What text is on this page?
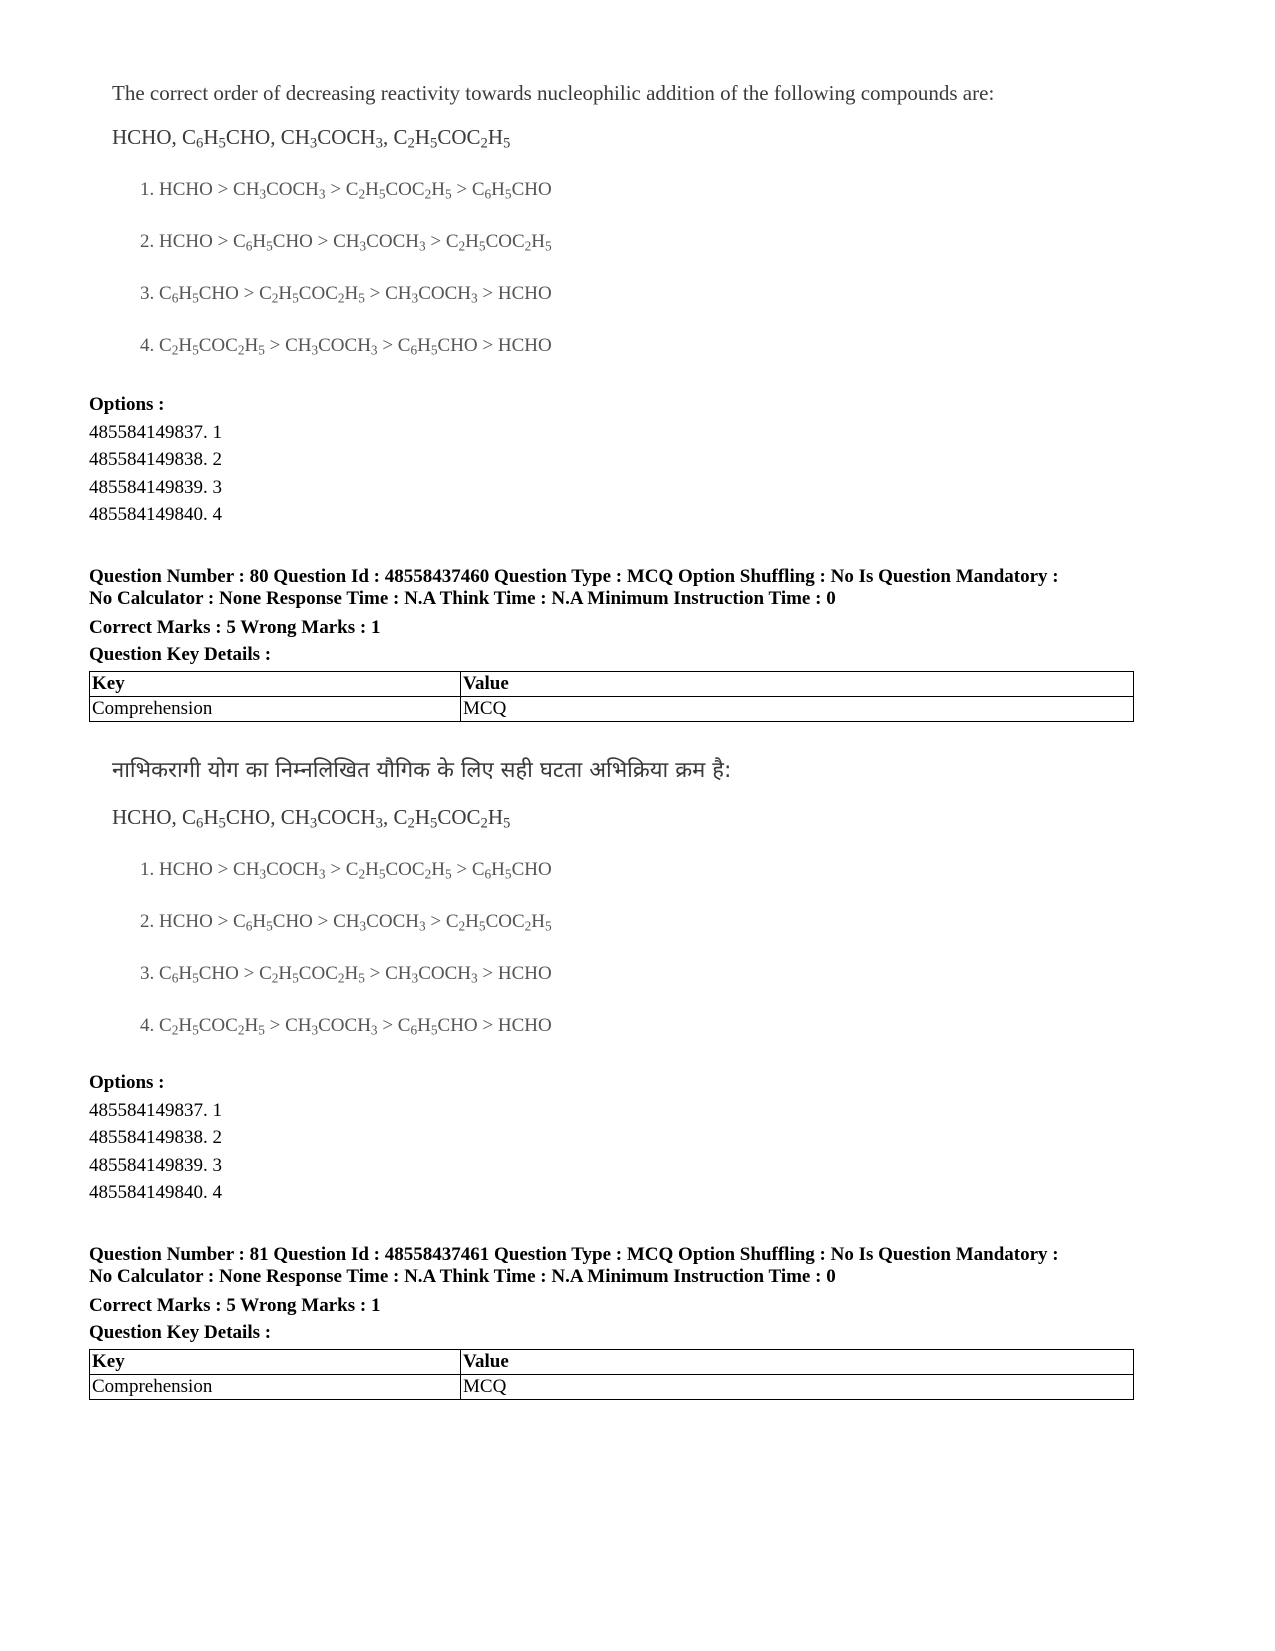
The correct order of decreasing reactivity towards nucleophilic addition of the following compounds are:

HCHO, $C_6H_5CHO$, $CH_3COCH_3$, $C_2H_5COC_2H_5$

1. HCHO > $CH_3COCH_3 > C_2H_5COC_2H_5 > C_6H_5CHO$

2. HCHO > $C_6H_5CHO$ > $CH_3COCH_3 > C_2H_5COC_2H_5$

3. $C_6H_5CHO > C_2H_5COC_2H_5$ > $CH_3COCH_3$ > HCHO

4. $C_2H_5COC_2H_5$ > $CH_3COCH_3 > C_6H_5CHO$ > HCHO

Options :
485584149837. 1
485584149838. 2
485584149839. 3
485584149840. 4
Question Number : 80 Question Id : 48558437460 Question Type : MCQ Option Shuffling : No Is Question Mandatory :
No Calculator : None Response Time : N.A Think Time : N.A Minimum Instruction Time : 0
Correct Marks : 5 Wrong Marks : 1
Question Key Details :
Key	Value
Comprehension	MCQ

नाभिकरागी योग का निम्नलिखित यौगिक के लिए सही घटता अभिक्रिया क्रम है:

HCHO, $C_6H_5CHO$, $CH_3COCH_3$, $C_2H_5COC_2H_5$

1. HCHO > $CH_3COCH_3 > C_2H_5COC_2H_5 > C_6H_5CHO$

2. HCHO > $C_6H_5CHO$ > $CH_3COCH_3 > C_2H_5COC_2H_5$

3. $C_6H_5CHO > C_2H_5COC_2H_5$ > $CH_3COCH_3$ > HCHO

4. $C_2H_5COC_2H_5$ > $CH_3COCH_3 > C_6H_5CHO$ > HCHO

Options :
485584149837. 1
485584149838. 2
485584149839. 3
485584149840. 4
Question Number : 81 Question Id : 48558437461 Question Type : MCQ Option Shuffling : No Is Question Mandatory :
No Calculator : None Response Time : N.A Think Time : N.A Minimum Instruction Time : 0
Correct Marks : 5 Wrong Marks : 1
Question Key Details :
Key	Value
Comprehension	MCQ
